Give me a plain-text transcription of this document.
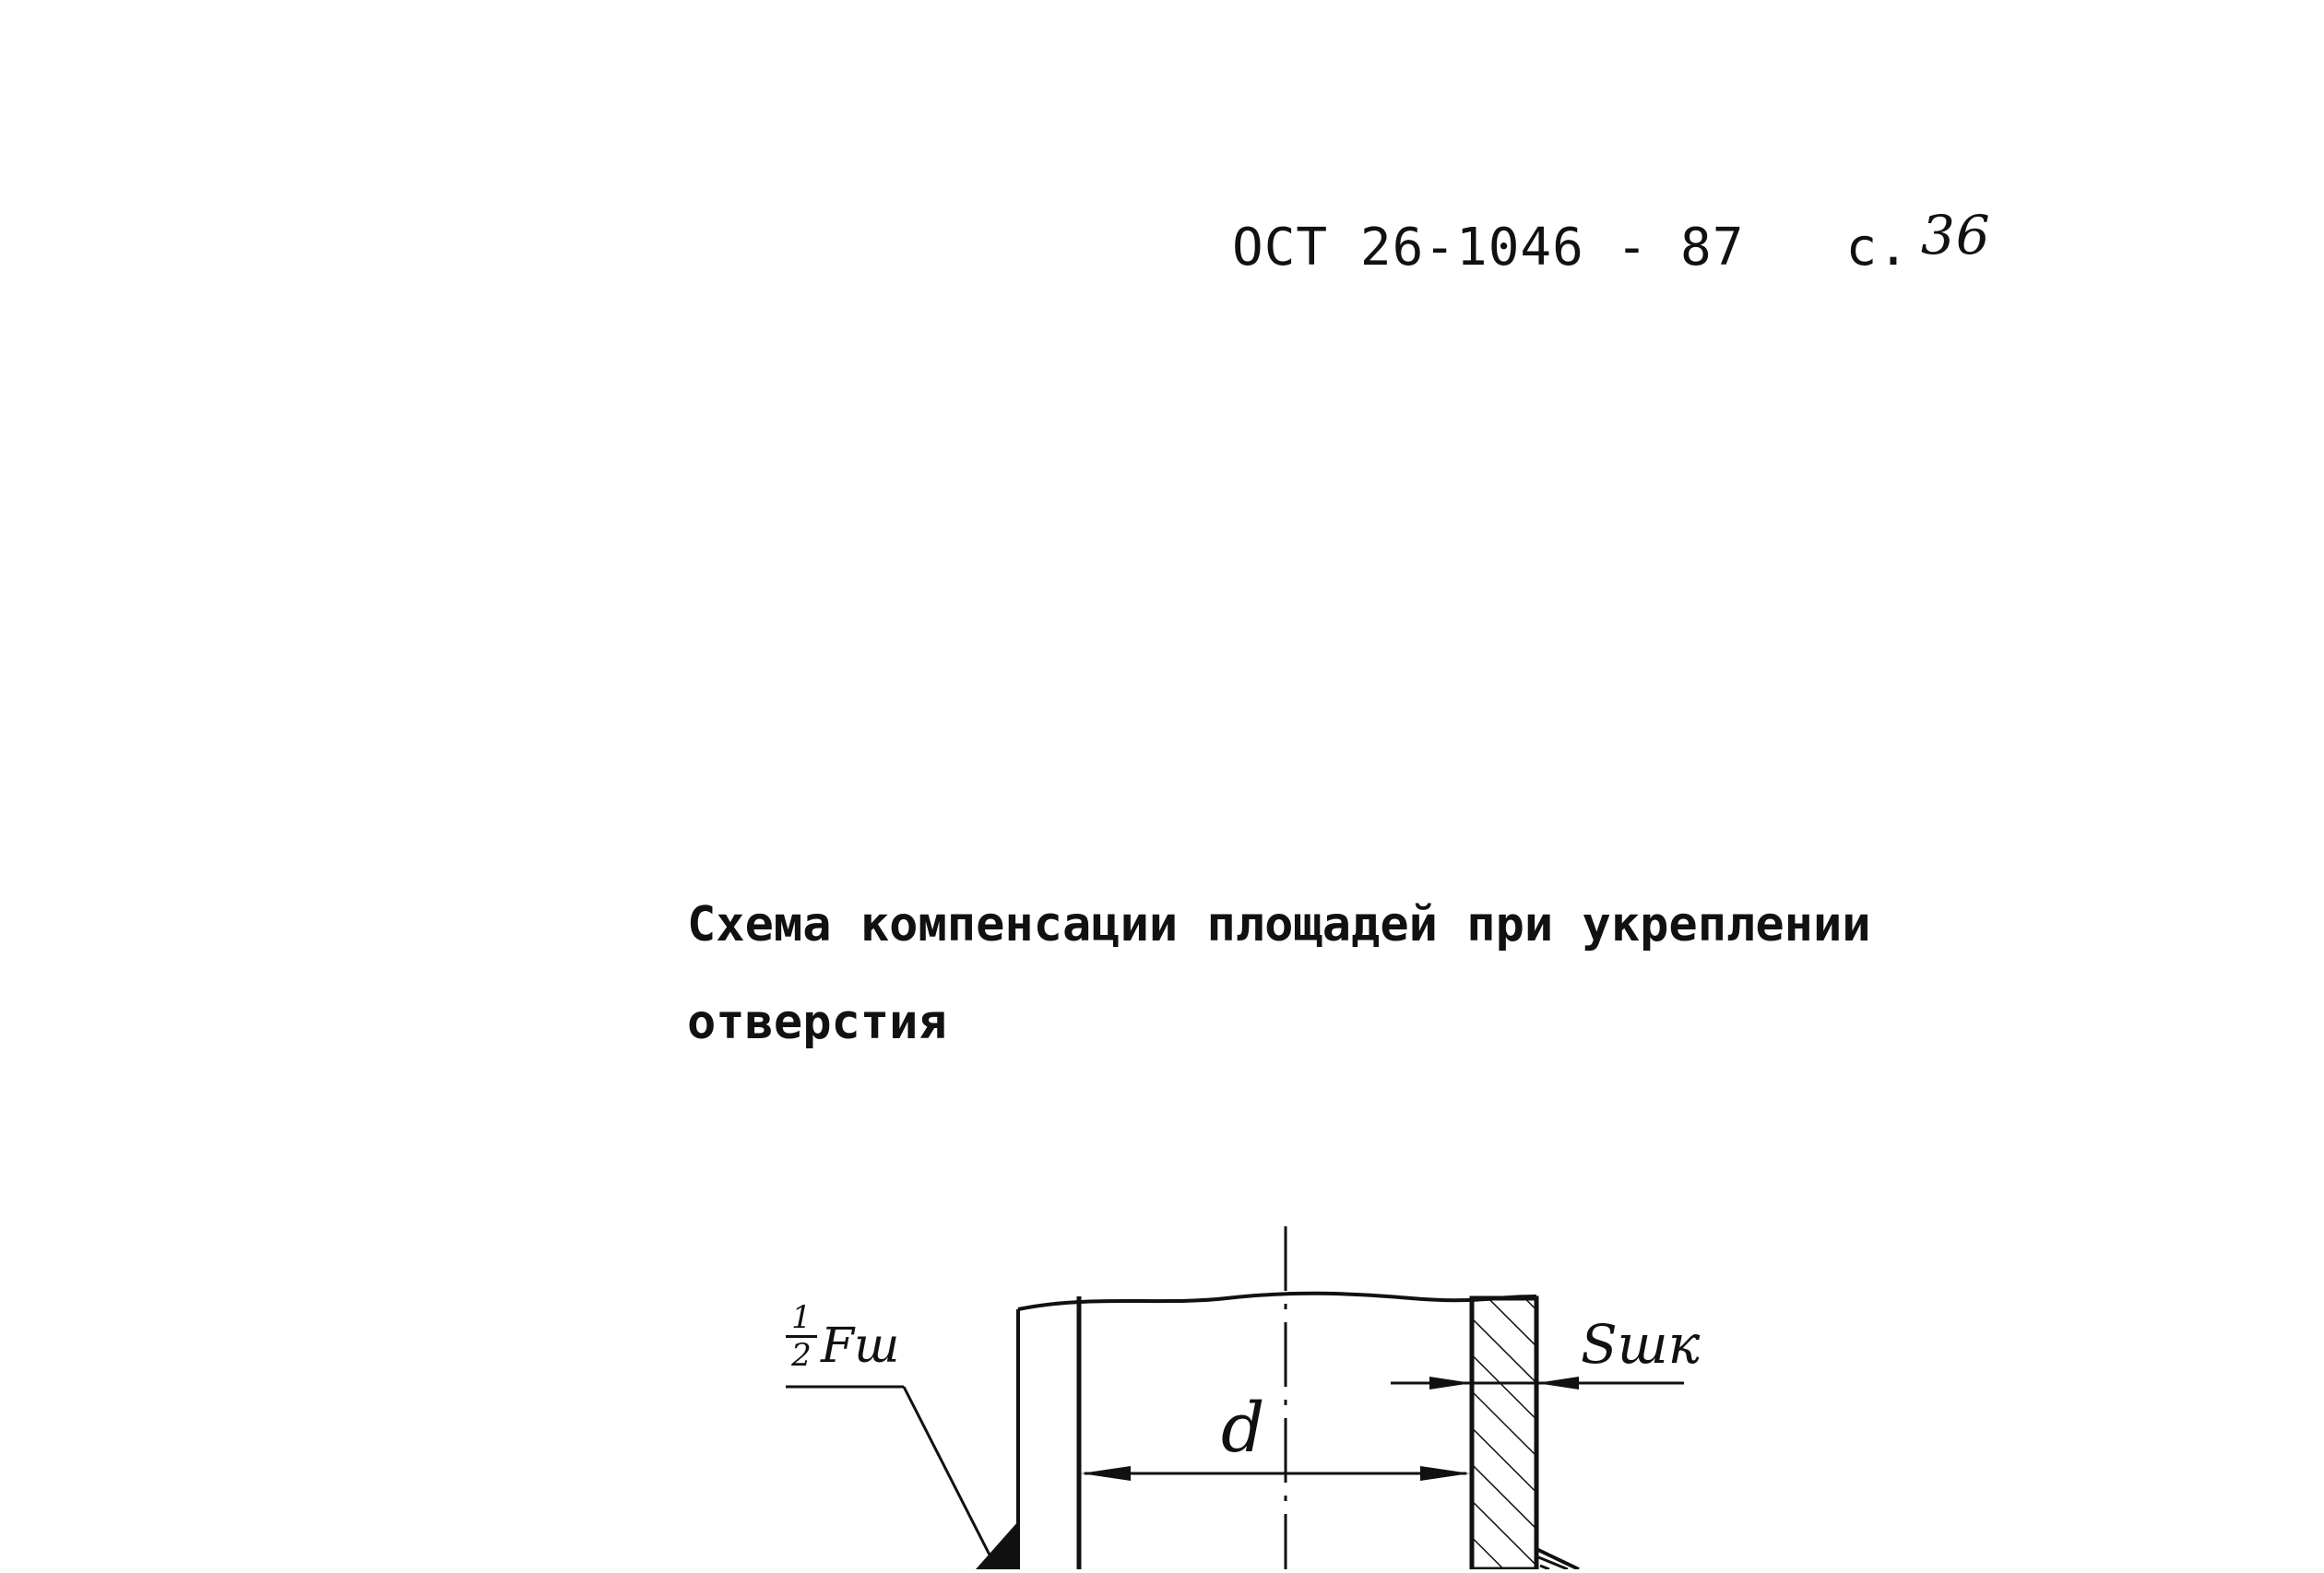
ОСТ 26-1046 - 87 с. 36
Схема компенсации площадей при укреплении
отверстия
1
2 Fш
d
Sшк
